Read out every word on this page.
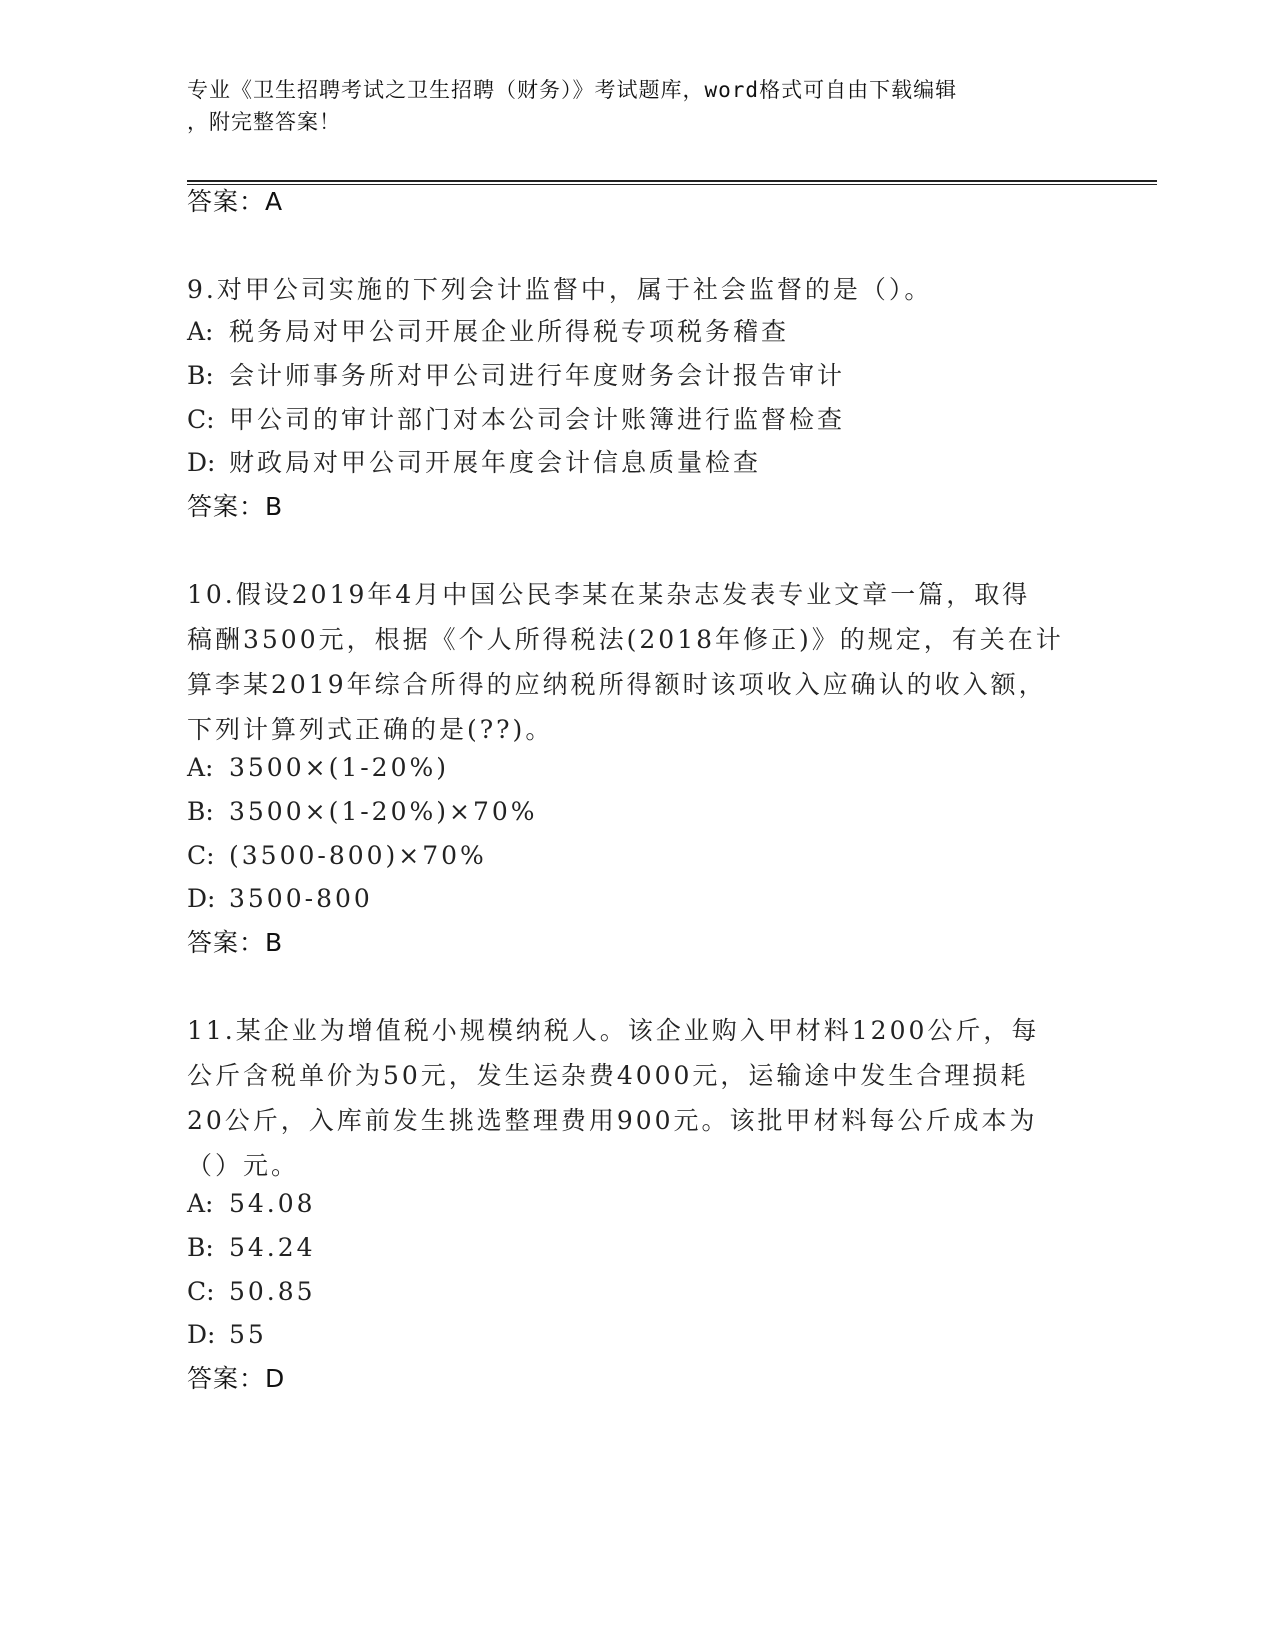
专业《卫生招聘考试之卫生招聘（财务）》考试题库，word格式可自由下载编辑
，附完整答案！
答案：A
9.对甲公司实施的下列会计监督中，属于社会监督的是（）。
A: 税务局对甲公司开展企业所得税专项税务稽查
B: 会计师事务所对甲公司进行年度财务会计报告审计
C: 甲公司的审计部门对本公司会计账簿进行监督检查
D: 财政局对甲公司开展年度会计信息质量检查
答案：B
10.假设2019年4月中国公民李某在某杂志发表专业文章一篇，取得
稿酬3500元，根据《个人所得税法(2018年修正)》的规定，有关在计
算李某2019年综合所得的应纳税所得额时该项收入应确认的收入额，
下列计算列式正确的是(??)。
A: 3500×(1-20%)
B: 3500×(1-20%)×70%
C: (3500-800)×70%
D: 3500-800
答案：B
11.某企业为增值税小规模纳税人。该企业购入甲材料1200公斤，每
公斤含税单价为50元，发生运杂费4000元，运输途中发生合理损耗
20公斤，入库前发生挑选整理费用900元。该批甲材料每公斤成本为
（）元。
A: 54.08
B: 54.24
C: 50.85
D: 55
答案：D
